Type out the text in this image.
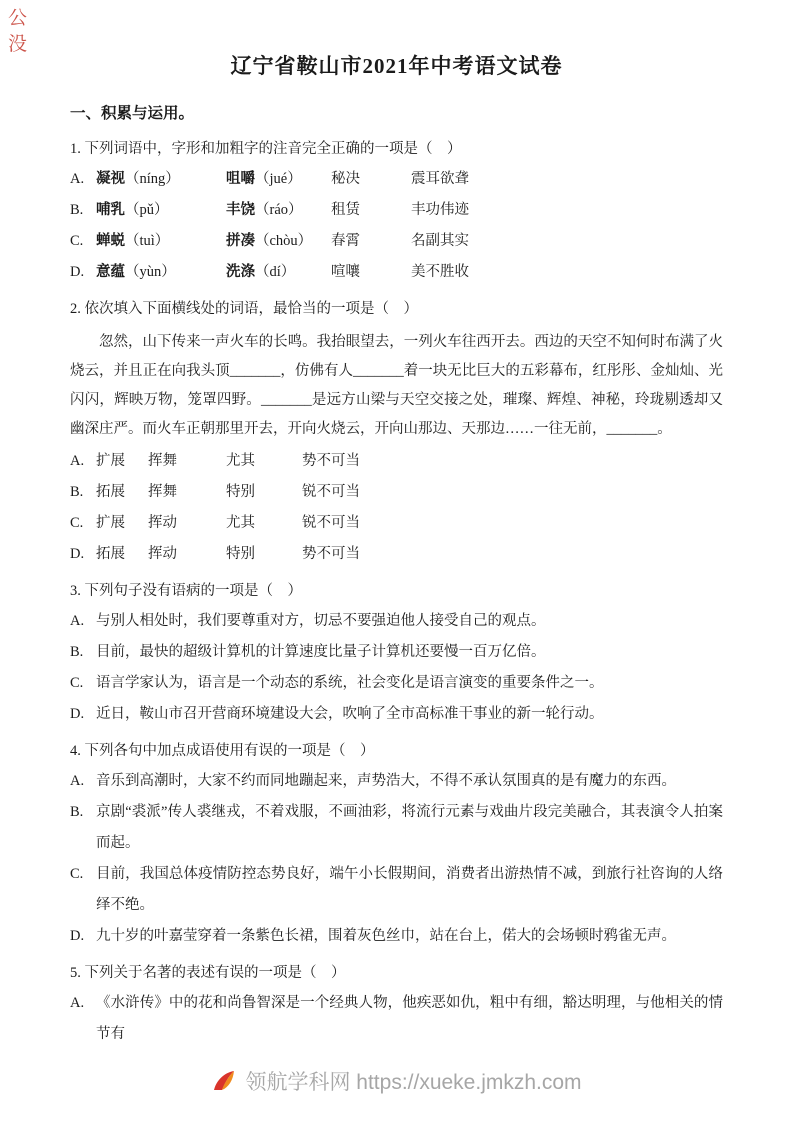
公
没
辽宁省鞍山市2021年中考语文试卷
一、积累与运用。
1. 下列词语中，字形和加粗字的注音完全正确的一项是（　）
A. 凝视（níng）	咀嚼（jué） 秘决	震耳欲聋
B. 哺乳（pǔ）	丰饶（ráo） 租赁	丰功伟迹
C. 蝉蜕（tuì）	拼凑（chòu） 春霄	名副其实
D. 意蕴（yùn）	洗涤（dí） 喧嚷	美不胜收
2. 依次填入下面横线处的词语，最恰当的一项是（　）
忽然，山下传来一声火车的长鸣。我抬眼望去，一列火车往西开去。西边的天空不知何时布满了火烧云，并且正在向我头顶_______，仿佛有人_______着一块无比巨大的五彩幕布，红彤彤、金灿灿、光闪闪，辉映万物，笼罩四野。_______是远方山梁与天空交接之处，璀璨、辉煌、神秘，玲珑剔透却又幽深庄严。而火车正朝那里开去，开向火烧云，开向山那边、天那边……一往无前，_______。
A. 扩展 挥舞	尤其	势不可当
B. 拓展 挥舞	特别	锐不可当
C. 扩展 挥动	尤其	锐不可当
D. 拓展 挥动	特别	势不可当
3. 下列句子没有语病的一项是（　）
A. 与别人相处时，我们要尊重对方，切忌不要强迫他人接受自己的观点。
B. 目前，最快的超级计算机的计算速度比量子计算机还要慢一百万亿倍。
C. 语言学家认为，语言是一个动态的系统，社会变化是语言演变的重要条件之一。
D. 近日，鞍山市召开营商环境建设大会，吹响了全市高标准干事业的新一轮行动。
4. 下列各句中加点成语使用有误的一项是（　）
A. 音乐到高潮时，大家不约而同地蹦起来，声势浩大，不得不承认氛围真的是有魔力的东西。
B. 京剧“裘派”传人裘继戎，不着戏服，不画油彩，将流行元素与戏曲片段完美融合，其表演令人拍案而起。
C. 目前，我国总体疫情防控态势良好，端午小长假期间，消费者出游热情不减，到旅行社咨询的人络绎不绝。
D. 九十岁的叶嘉莹穿着一条紫色长裙，围着灰色丝巾，站在台上，偌大的会场顿时鸦雀无声。
5. 下列关于名著的表述有误的一项是（　）
A. 《水浒传》中的花和尚鲁智深是一个经典人物，他疾恶如仇，粗中有细，豁达明理，与他相关的情节有
领航学科网 https://xueke.jmkzh.com
